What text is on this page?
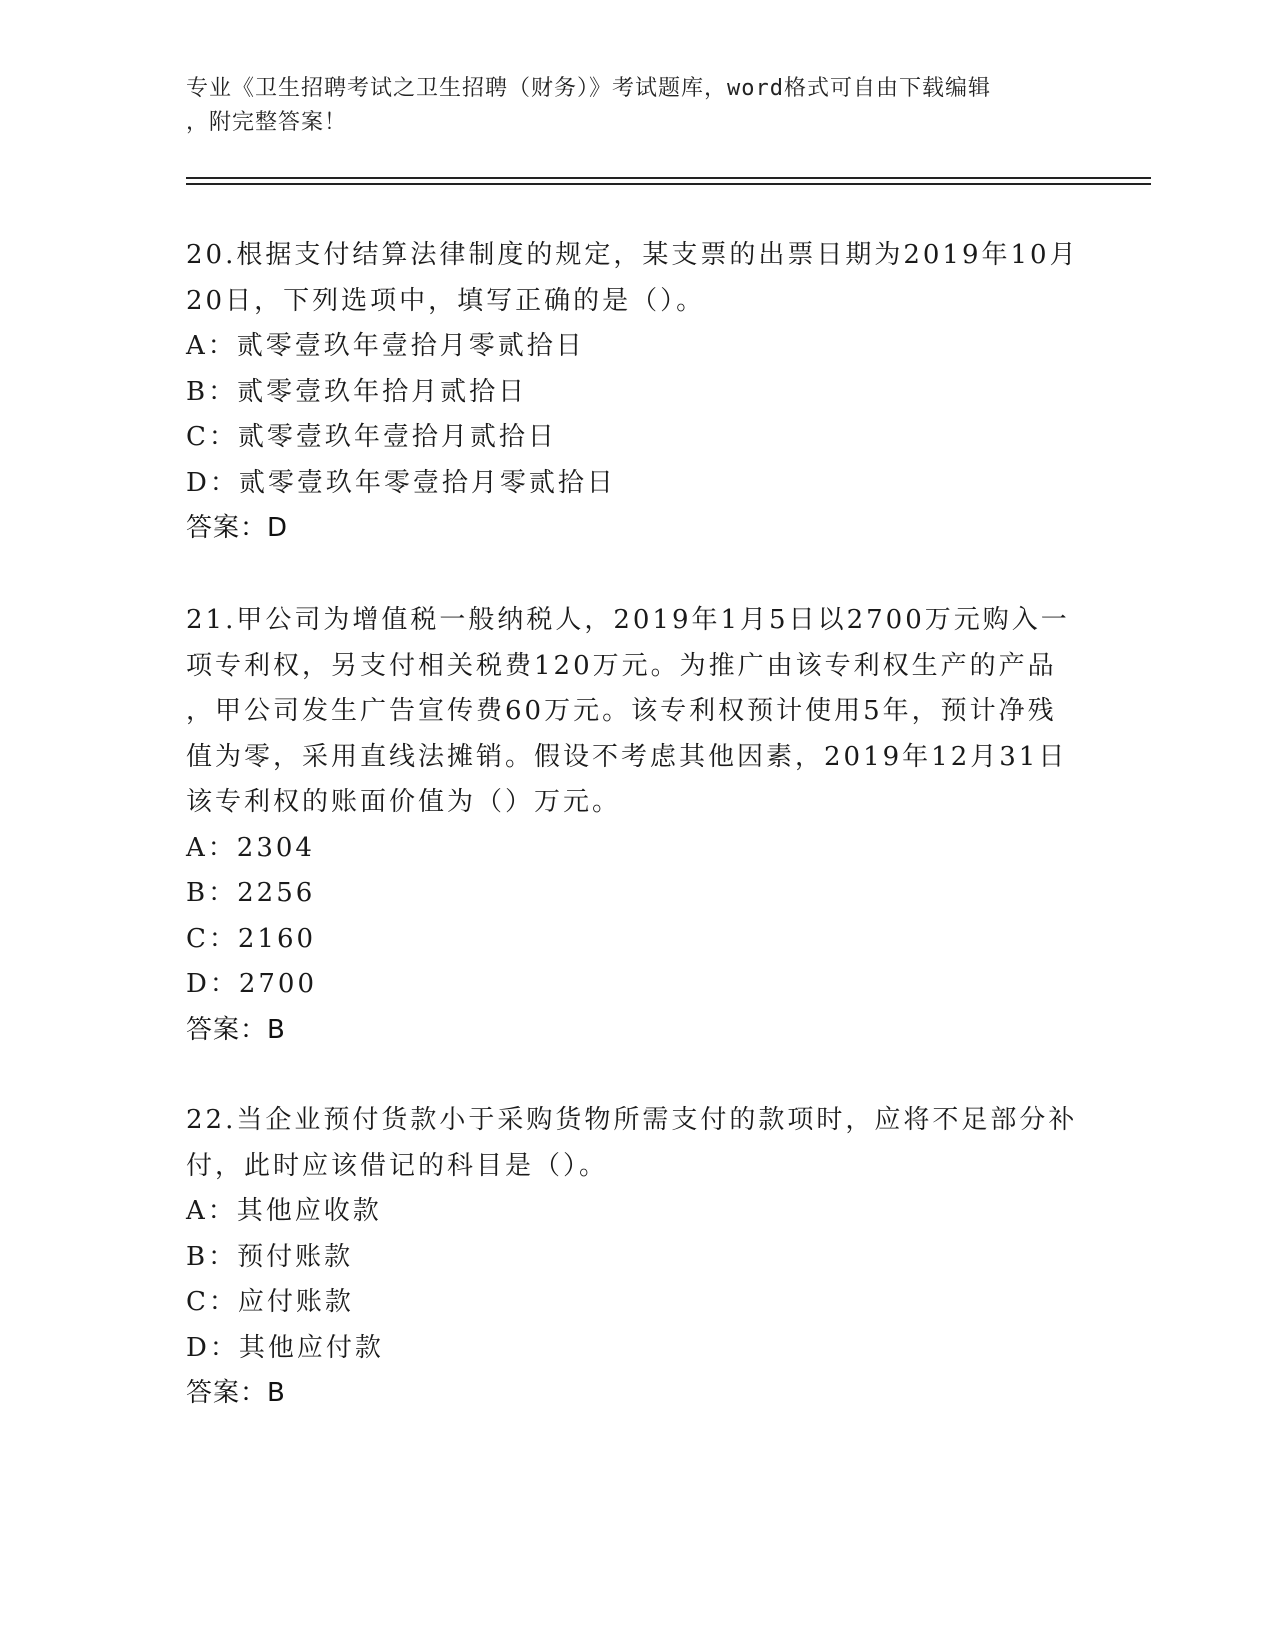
专业《卫生招聘考试之卫生招聘（财务）》考试题库，word格式可自由下载编辑
，附完整答案！
20.根据支付结算法律制度的规定，某支票的出票日期为2019年10月
20日，下列选项中，填写正确的是（）。
A：贰零壹玖年壹拾月零贰拾日
B：贰零壹玖年拾月贰拾日
C：贰零壹玖年壹拾月贰拾日
D：贰零壹玖年零壹拾月零贰拾日
答案：D
21.甲公司为增值税一般纳税人，2019年1月5日以2700万元购入一
项专利权，另支付相关税费120万元。为推广由该专利权生产的产品
，甲公司发生广告宣传费60万元。该专利权预计使用5年，预计净残
值为零，采用直线法摊销。假设不考虑其他因素，2019年12月31日
该专利权的账面价值为（）万元。
A：2304
B：2256
C：2160
D：2700
答案：B
22.当企业预付货款小于采购货物所需支付的款项时，应将不足部分补
付，此时应该借记的科目是（）。
A：其他应收款
B：预付账款
C：应付账款
D：其他应付款
答案：B
